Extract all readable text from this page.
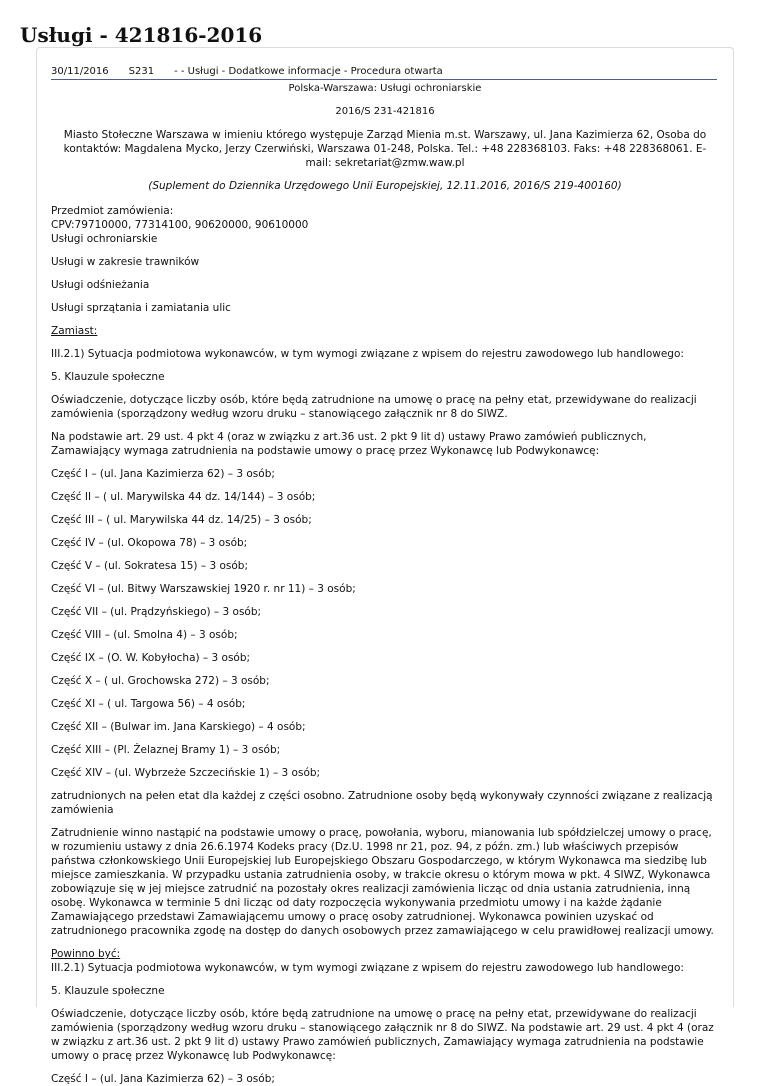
Usługi - 421816-2016
30/11/2016 S231 - - Usługi - Dodatkowe informacje - Procedura otwarta
Polska-Warszawa: Usługi ochroniarskie
2016/S 231-421816
Miasto Stołeczne Warszawa w imieniu którego występuje Zarząd Mienia m.st. Warszawy, ul. Jana Kazimierza 62, Osoba do kontaktów: Magdalena Mycko, Jerzy Czerwiński, Warszawa 01-248, Polska. Tel.: +48 228368103. Faks: +48 228368061. E-mail: sekretariat@zmw.waw.pl
(Suplement do Dziennika Urzędowego Unii Europejskiej, 12.11.2016, 2016/S 219-400160)

Przedmiot zamówienia:
CPV:79710000, 77314100, 90620000, 90610000
Usługi ochroniarskie

Usługi w zakresie trawników

Usługi odśnieżania

Usługi sprzątania i zamiatania ulic

Zamiast:

III.2.1) Sytuacja podmiotowa wykonawców, w tym wymogi związane z wpisem do rejestru zawodowego lub handlowego:

5. Klauzule społeczne

Oświadczenie, dotyczące liczby osób, które będą zatrudnione na umowę o pracę na pełny etat, przewidywane do realizacji zamówienia (sporządzony według wzoru druku – stanowiącego załącznik nr 8 do SIWZ.

Na podstawie art. 29 ust. 4 pkt 4 (oraz w związku z art.36 ust. 2 pkt 9 lit d) ustawy Prawo zamówień publicznych, Zamawiający wymaga zatrudnienia na podstawie umowy o pracę przez Wykonawcę lub Podwykonawcę:

Część I – (ul. Jana Kazimierza 62) – 3 osób;

Część II – ( ul. Marywilska 44 dz. 14/144) – 3 osób;

Część III – ( ul. Marywilska 44 dz. 14/25) – 3 osób;

Część IV – (ul. Okopowa 78) – 3 osób;

Część V – (ul. Sokratesa 15) – 3 osób;

Część VI – (ul. Bitwy Warszawskiej 1920 r. nr 11) – 3 osób;

Część VII – (ul. Prądzyńskiego) – 3 osób;

Część VIII – (ul. Smolna 4) – 3 osób;

Część IX – (O. W. Kobyłocha) – 3 osób;

Część X – ( ul. Grochowska 272) – 3 osób;

Część XI – ( ul. Targowa 56) – 4 osób;

Część XII – (Bulwar im. Jana Karskiego) – 4 osób;

Część XIII – (Pl. Żelaznej Bramy 1) – 3 osób;

Część XIV – (ul. Wybrzeże Szczecińskie 1) – 3 osób;

zatrudnionych na pełen etat dla każdej z części osobno. Zatrudnione osoby będą wykonywały czynności związane z realizacją zamówienia

Zatrudnienie winno nastąpić na podstawie umowy o pracę, powołania, wyboru, mianowania lub spółdzielczej umowy o pracę, w rozumieniu ustawy z dnia 26.6.1974 Kodeks pracy (Dz.U. 1998 nr 21, poz. 94, z późn. zm.) lub właściwych przepisów państwa członkowskiego Unii Europejskiej lub Europejskiego Obszaru Gospodarczego, w którym Wykonawca ma siedzibę lub miejsce zamieszkania. W przypadku ustania zatrudnienia osoby, w trakcie okresu o którym mowa w pkt. 4 SIWZ, Wykonawca zobowiązuje się w jej miejsce zatrudnić na pozostały okres realizacji zamówienia licząc od dnia ustania zatrudnienia, inną osobę. Wykonawca w terminie 5 dni licząc od daty rozpoczęcia wykonywania przedmiotu umowy i na każde żądanie Zamawiającego przedstawi Zamawiającemu umowy o pracę osoby zatrudnionej. Wykonawca powinien uzyskać od zatrudnionego pracownika zgodę na dostęp do danych osobowych przez zamawiającego w celu prawidłowej realizacji umowy.

Powinno być:
III.2.1) Sytuacja podmiotowa wykonawców, w tym wymogi związane z wpisem do rejestru zawodowego lub handlowego:

5. Klauzule społeczne

Oświadczenie, dotyczące liczby osób, które będą zatrudnione na umowę o pracę na pełny etat, przewidywane do realizacji zamówienia (sporządzony według wzoru druku – stanowiącego załącznik nr 8 do SIWZ. Na podstawie art. 29 ust. 4 pkt 4 (oraz w związku z art.36 ust. 2 pkt 9 lit d) ustawy Prawo zamówień publicznych, Zamawiający wymaga zatrudnienia na podstawie umowy o pracę przez Wykonawcę lub Podwykonawcę:

Część I – (ul. Jana Kazimierza 62) – 3 osób;
